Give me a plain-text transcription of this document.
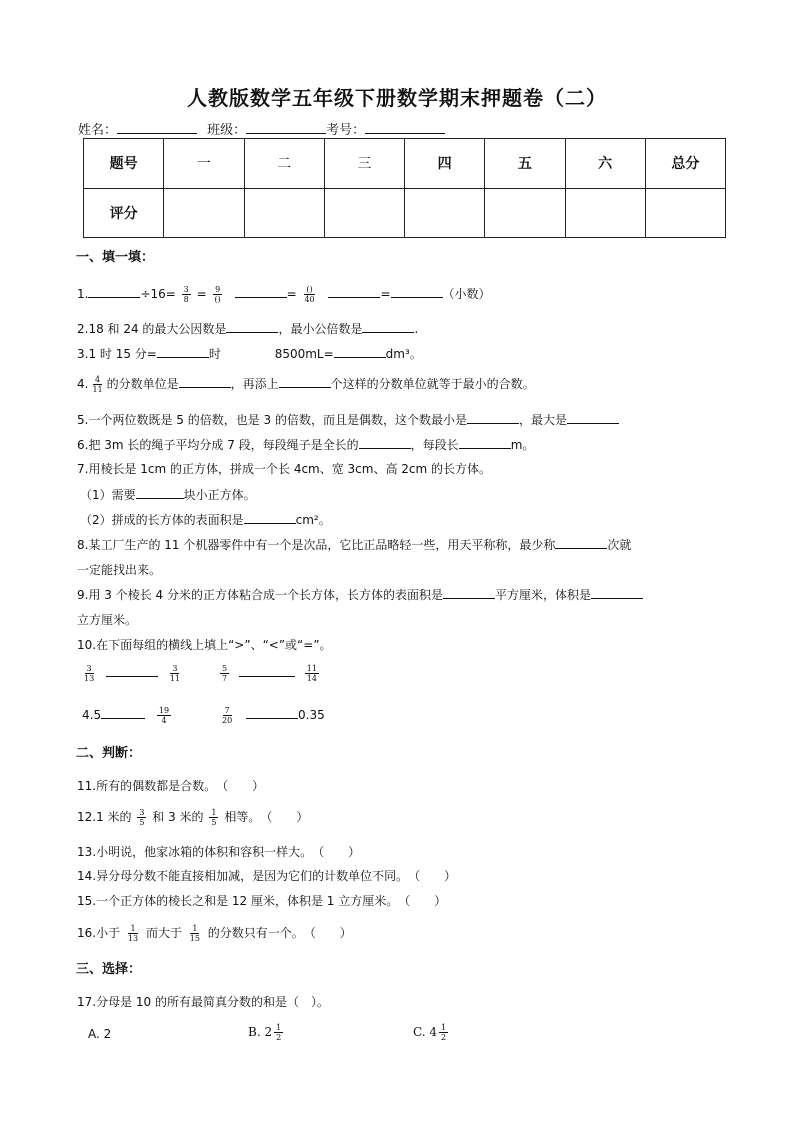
人教版数学五年级下册数学期末押题卷（二）
姓名：	班级：	考号：
题号	一	二	三	四	五	六	总分
评分							
一、填一填：
1.	$\div 16= \frac{3}{8} = \frac{9}{()}$	= $\frac{()}{40}$	=	（小数）
2.18 和 24 的最大公因数是	，最小公倍数是	.
3.1 时 15 分=	时	8500mL=	dm³。
4. $\frac{4}{11}$ 的分数单位是	，再添上	个这样的分数单位就等于最小的合数。
5.一个两位数既是 5 的倍数，也是 3 的倍数，而且是偶数，这个数最小是	，最大是
6.把 3m 长的绳子平均分成 7 段，每段绳子是全长的	，每段长	m。
7.用棱长是 1cm 的正方体，拼成一个长 4cm、宽 3cm、高 2cm 的长方体。
（1）需要	块小正方体。
（2）拼成的长方体的表面积是	cm²。
8.某工厂生产的 11 个机器零件中有一个是次品，它比正品略轻一些，用天平称称，最少称	次就
一定能找出来。
9.用 3 个棱长 4 分米的正方体粘合成一个长方体，长方体的表面积是	平方厘米，体积是
立方厘米。
10.在下面每组的横线上填上“>”、“<”或“=”。
$\frac{3}{13}$
	$\frac{3}{11}$	$\frac{5}{7}$
	$\frac{11}{14}$
4.5	$\frac{19}{4}$	$\frac{7}{20}$	0.35
二、判断：
11.所有的偶数都是合数。　（　　）
12.1 米的 $\frac{3}{5}$ 和 3 米的 $\frac{1}{5}$ 相等。　（　　）
13.小明说，他家冰箱的体积和容积一样大。　（　　）
14.异分母分数不能直接相加减，是因为它们的计数单位不同。　（　　）
15.一个正方体的棱长之和是 12 厘米，体积是 1 立方厘米。　（　　）
16.小于 $\frac{1}{13}$ 而大于 $\frac{1}{15}$ 的分数只有一个。　（　　）
三、选择：
17.分母是 10 的所有最简真分数的和是（　）。
A. 2	B. $2 \frac{1}{2}$	C. $4 \frac{1}{2}$
